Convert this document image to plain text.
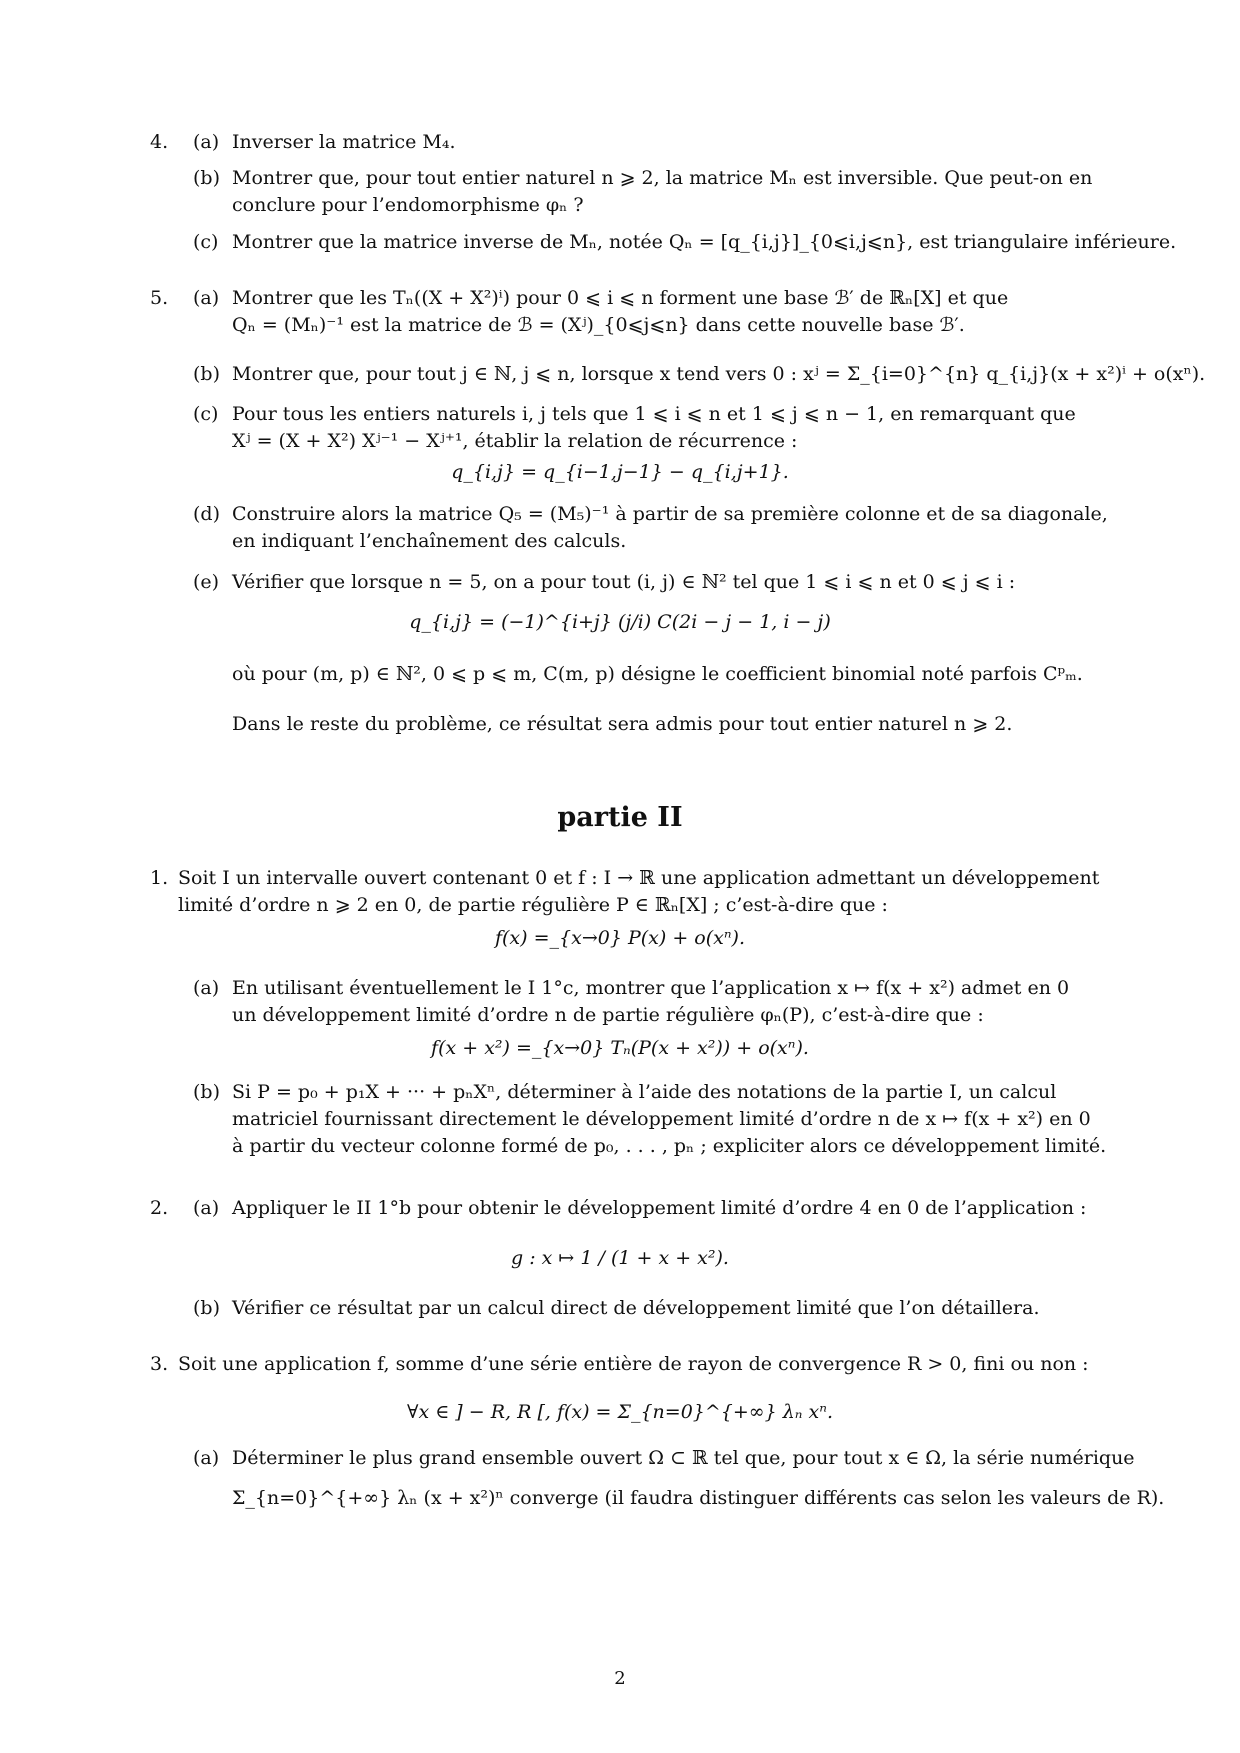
4. (a) Inverser la matrice M₄.
(b) Montrer que, pour tout entier naturel n ⩾ 2, la matrice Mₙ est inversible. Que peut-on en
conclure pour l’endomorphisme φₙ ?
(c) Montrer que la matrice inverse de Mₙ, notée Qₙ = [q_{i,j}]_{0⩽i,j⩽n}, est triangulaire inférieure.
5. (a) Montrer que les Tₙ((X + X²)ⁱ) pour 0 ⩽ i ⩽ n forment une base ℬ′ de ℝₙ[X] et que
Qₙ = (Mₙ)⁻¹ est la matrice de ℬ = (Xʲ)_{0⩽j⩽n} dans cette nouvelle base ℬ′.
(b) Montrer que, pour tout j ∈ ℕ, j ⩽ n, lorsque x tend vers 0 : xʲ = Σ_{i=0}^{n} q_{i,j}(x + x²)ⁱ + o(xⁿ).
(c) Pour tous les entiers naturels i, j tels que 1 ⩽ i ⩽ n et 1 ⩽ j ⩽ n − 1, en remarquant que
Xʲ = (X + X²) Xʲ⁻¹ − Xʲ⁺¹, établir la relation de récurrence :
q_{i,j} = q_{i−1,j−1} − q_{i,j+1}.
(d) Construire alors la matrice Q₅ = (M₅)⁻¹ à partir de sa première colonne et de sa diagonale,
en indiquant l’enchaînement des calculs.
(e) Vérifier que lorsque n = 5, on a pour tout (i, j) ∈ ℕ² tel que 1 ⩽ i ⩽ n et 0 ⩽ j ⩽ i :
q_{i,j} = (−1)^{i+j} (j/i) C(2i − j − 1, i − j)
où pour (m, p) ∈ ℕ², 0 ⩽ p ⩽ m, C(m, p) désigne le coefficient binomial noté parfois Cᵖₘ.
Dans le reste du problème, ce résultat sera admis pour tout entier naturel n ⩾ 2.
partie II
1. Soit I un intervalle ouvert contenant 0 et f : I → ℝ une application admettant un développement
limité d’ordre n ⩾ 2 en 0, de partie régulière P ∈ ℝₙ[X] ; c’est-à-dire que :
f(x) =_{x→0} P(x) + o(xⁿ).
(a) En utilisant éventuellement le I 1°c, montrer que l’application x ↦ f(x + x²) admet en 0
un développement limité d’ordre n de partie régulière φₙ(P), c’est-à-dire que :
f(x + x²) =_{x→0} Tₙ(P(x + x²)) + o(xⁿ).
(b) Si P = p₀ + p₁X + ··· + pₙXⁿ, déterminer à l’aide des notations de la partie I, un calcul
matriciel fournissant directement le développement limité d’ordre n de x ↦ f(x + x²) en 0
à partir du vecteur colonne formé de p₀, . . . , pₙ ; expliciter alors ce développement limité.
2. (a) Appliquer le II 1°b pour obtenir le développement limité d’ordre 4 en 0 de l’application :
g : x ↦ 1 / (1 + x + x²).
(b) Vérifier ce résultat par un calcul direct de développement limité que l’on détaillera.
3. Soit une application f, somme d’une série entière de rayon de convergence R > 0, fini ou non :
∀x ∈ ] − R, R [, f(x) = Σ_{n=0}^{+∞} λₙ xⁿ.
(a) Déterminer le plus grand ensemble ouvert Ω ⊂ ℝ tel que, pour tout x ∈ Ω, la série numérique
Σ_{n=0}^{+∞} λₙ (x + x²)ⁿ converge (il faudra distinguer différents cas selon les valeurs de R).
2
